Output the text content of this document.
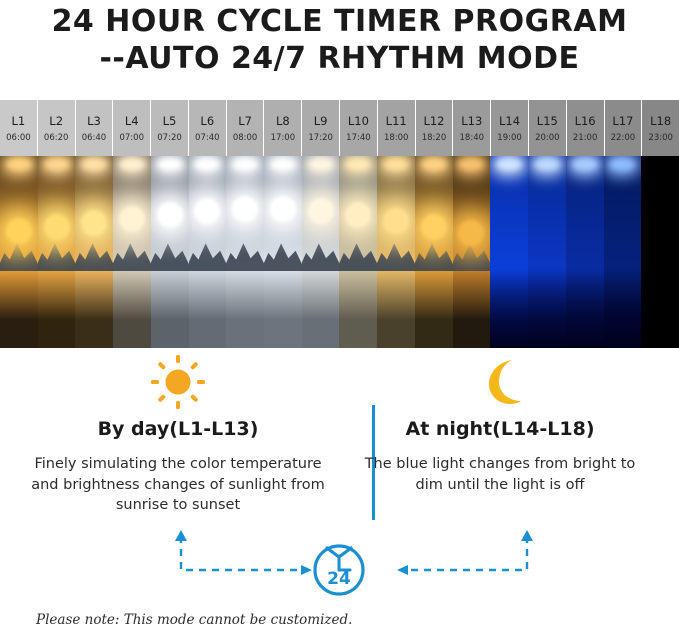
24 HOUR CYCLE TIMER PROGRAM
--AUTO 24/7 RHYTHM MODE
L1
06:00
L2
06:20
L3
06:40
L4
07:00
L5
07:20
L6
07:40
L7
08:00
L8
17:00
L9
17:20
L10
17:40
L11
18:00
L12
18:20
L13
18:40
L14
19:00
L15
20:00
L16
21:00
L17
22:00
L18
23:00
By day(L1-L13)
Finely simulating the color temperature and brightness changes of sunlight from sunrise to sunset
At night(L14-L18)
The blue light changes from bright to dim until the light is off
24
Please note: This mode cannot be customized.
